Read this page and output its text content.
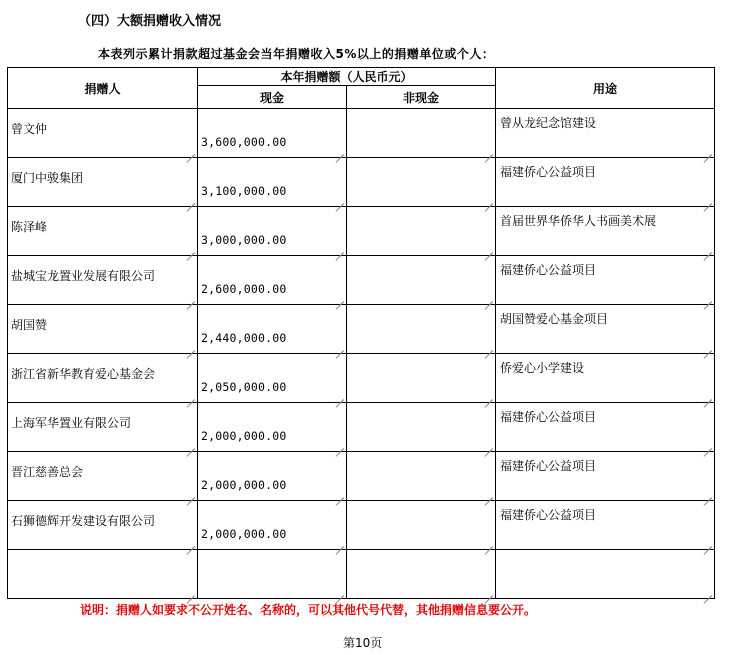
（四）大额捐赠收入情况
本表列示累计捐款超过基金会当年捐赠收入5%以上的捐赠单位或个人：
捐赠人	本年捐赠额（人民币元）		用途
	现金	非现金	

曾文仲	3,600,000.00		曾从龙纪念馆建设

厦门中骏集团	3,100,000.00		福建侨心公益项目

陈泽峰	3,000,000.00		首届世界华侨华人书画美术展

盐城宝龙置业发展有限公司	2,600,000.00		福建侨心公益项目

胡国赞	2,440,000.00		胡国赞爱心基金项目

浙江省新华教育爱心基金会	2,050,000.00		侨爱心小学建设

上海军华置业有限公司	2,000,000.00		福建侨心公益项目

晋江慈善总会	2,000,000.00		福建侨心公益项目

石狮德辉开发建设有限公司	2,000,000.00		福建侨心公益项目

说明：捐赠人如要求不公开姓名、名称的，可以其他代号代替，其他捐赠信息要公开。
第10页
